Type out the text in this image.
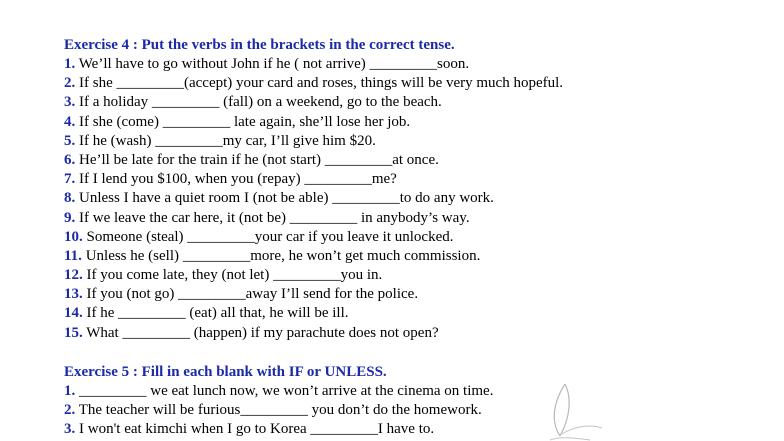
Exercise 4 : Put the verbs in the brackets in the correct tense.
1. We’ll have to go without John if he ( not arrive) _________soon.
2. If she _________(accept) your card and roses, things will be very much hopeful.
3. If a holiday _________ (fall) on a weekend, go to the beach.
4. If she (come) _________ late again, she’ll lose her job.
5. If he (wash) _________my car, I’ll give him $20.
6. He’ll be late for the train if he (not start) _________at once.
7. If I lend you $100, when you (repay) _________me?
8. Unless I have a quiet room I (not be able) _________to do any work.
9. If we leave the car here, it (not be) _________ in anybody’s way.
10. Someone (steal) _________your car if you leave it unlocked.
11. Unless he (sell) _________more, he won’t get much commission.
12. If you come late, they (not let) _________you in.
13. If you (not go) _________away I’ll send for the police.
14. If he _________ (eat) all that, he will be ill.
15. What _________ (happen) if my parachute does not open?
Exercise 5 : Fill in each blank with IF or UNLESS.
1. _________ we eat lunch now, we won’t arrive at the cinema on time.
2. The teacher will be furious_________ you don’t do the homework.
3. I won't eat kimchi when I go to Korea _________I have to.
